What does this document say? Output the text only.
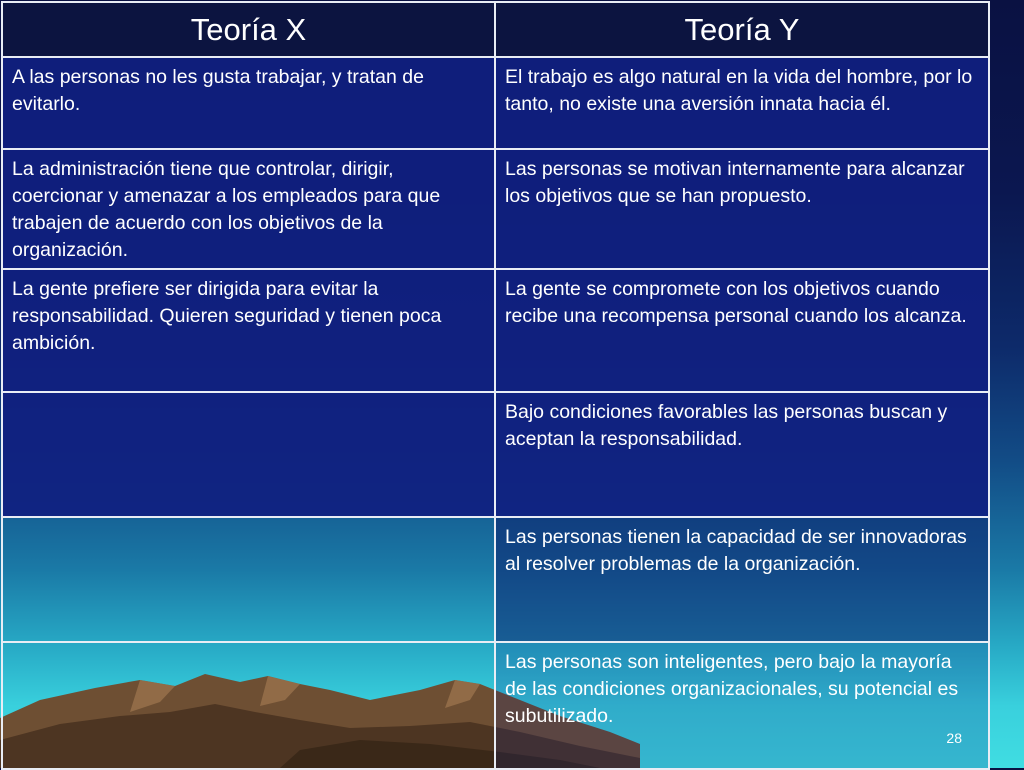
Teoría X	Teoría Y

A las personas no les gusta trabajar, y tratan de evitarlo.	El trabajo es algo natural en la vida del hombre, por lo tanto, no existe una aversión innata hacia él.

La administración tiene que controlar, dirigir, coercionar y amenazar a los empleados para que trabajen de acuerdo con los objetivos de la organización.	Las personas se motivan internamente para alcanzar los objetivos que se han propuesto.

La gente prefiere ser dirigida para evitar la responsabilidad. Quieren seguridad y tienen poca ambición.	La gente se compromete con los objetivos cuando recibe una recompensa personal cuando los alcanza.

	Bajo condiciones favorables las personas buscan y aceptan la responsabilidad.

	Las personas tienen la capacidad de ser innovadoras al resolver problemas de la organización.

	Las personas son inteligentes, pero bajo la mayoría de las condiciones organizacionales, su potencial es subutilizado.
28
